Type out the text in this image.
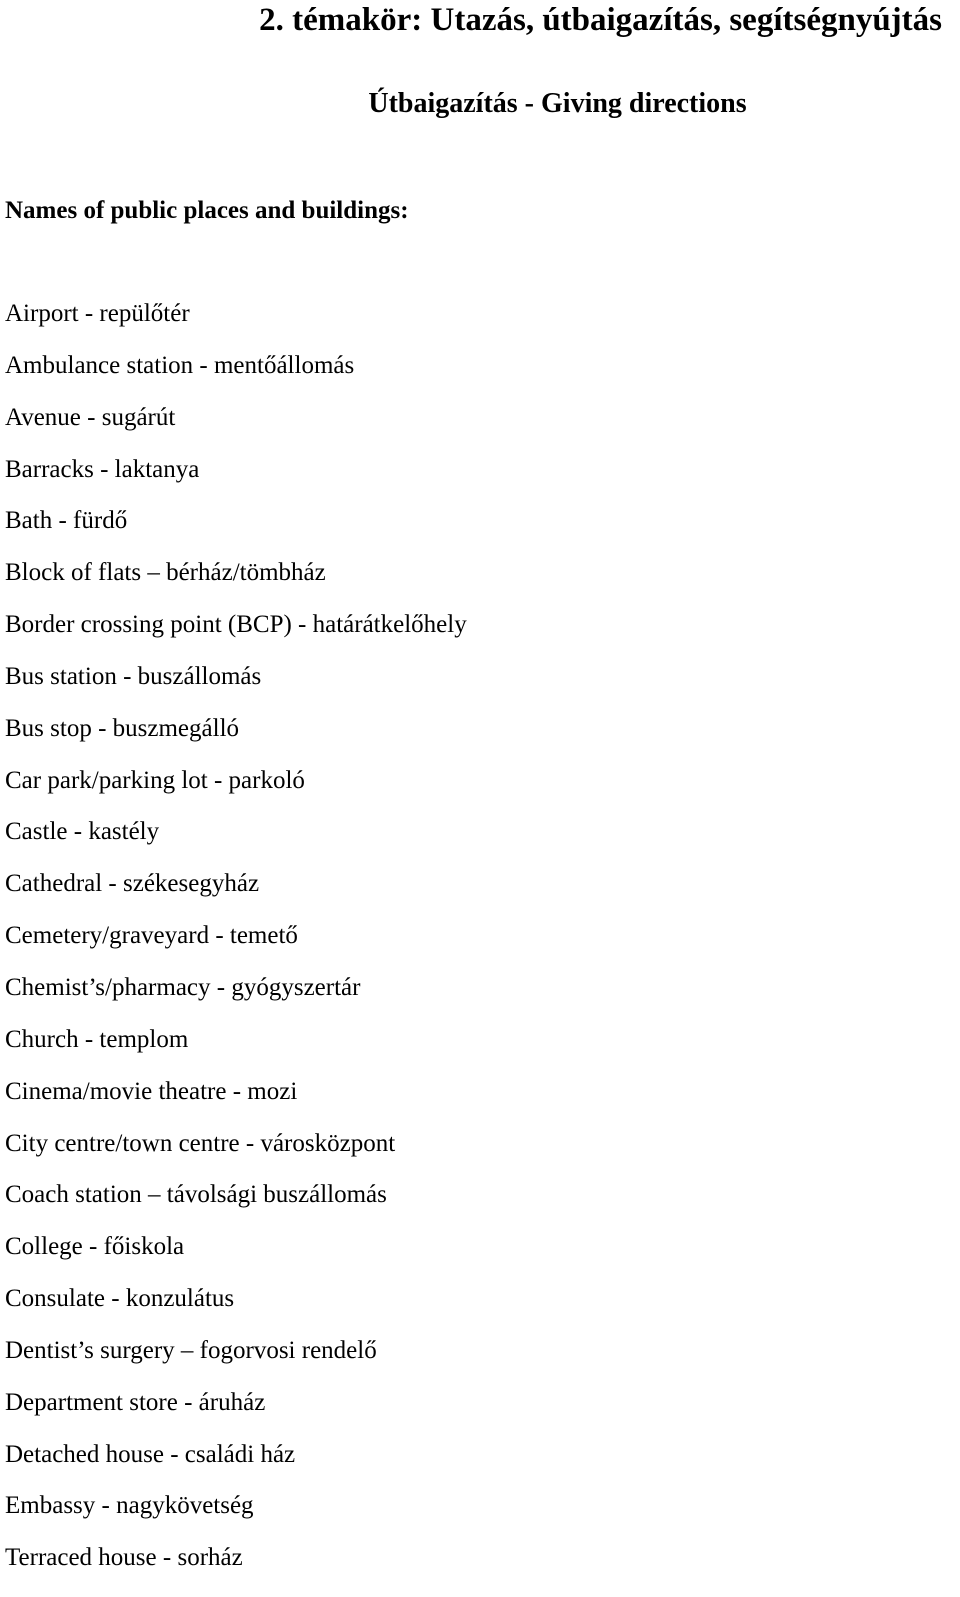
2. témakör: Utazás, útbaigazítás, segítségnyújtás
Útbaigazítás - Giving directions
Names of public places and buildings:
Airport - repülőtér
Ambulance station - mentőállomás
Avenue - sugárút
Barracks - laktanya
Bath - fürdő
Block of flats – bérház/tömbház
Border crossing point (BCP) - határátkelőhely
Bus station - buszállomás
Bus stop - buszmegálló
Car park/parking lot - parkoló
Castle - kastély
Cathedral - székesegyház
Cemetery/graveyard - temető
Chemist’s/pharmacy - gyógyszertár
Church - templom
Cinema/movie theatre - mozi
City centre/town centre - városközpont
Coach station – távolsági buszállomás
College - főiskola
Consulate - konzulátus
Dentist’s surgery – fogorvosi rendelő
Department store - áruház
Detached house - családi ház
Embassy - nagykövetség
Terraced house - sorház
